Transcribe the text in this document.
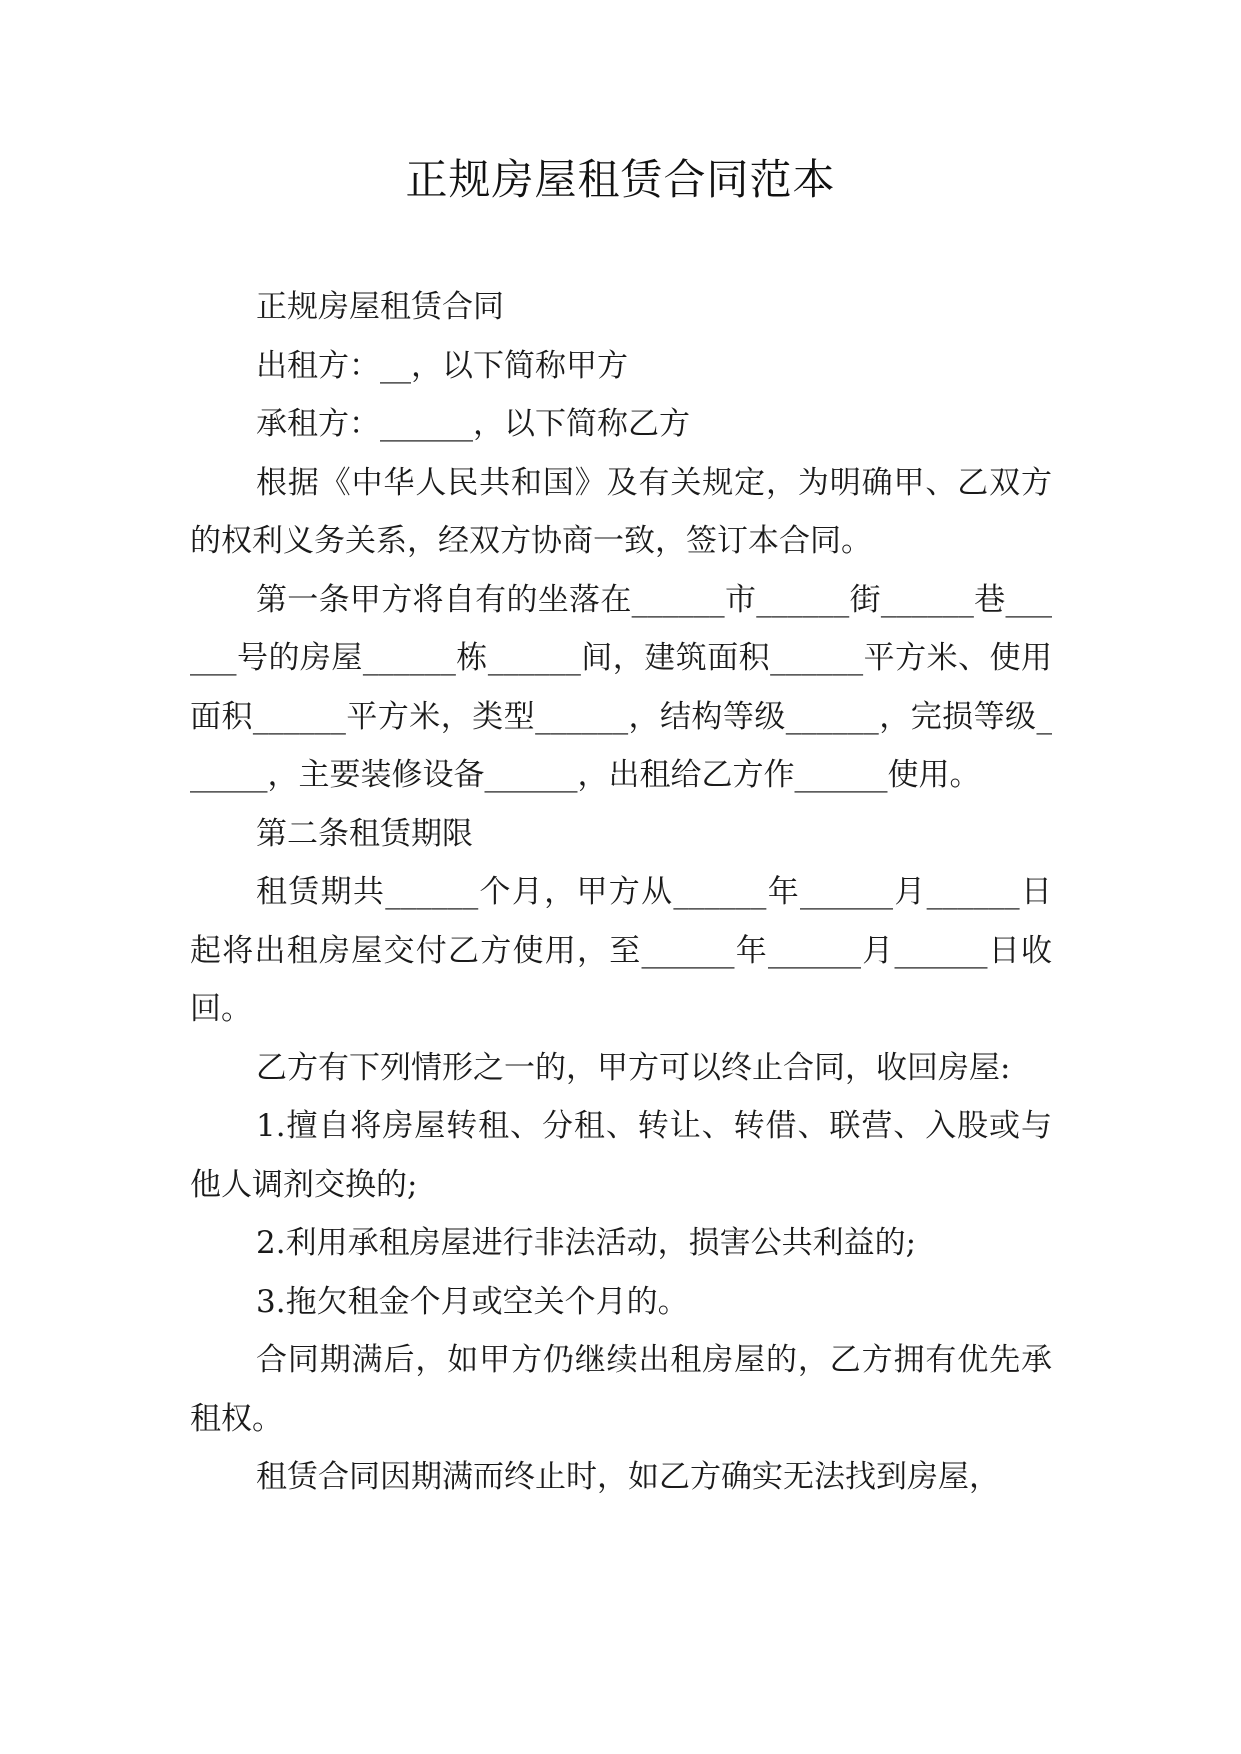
正规房屋租赁合同范本

正规房屋租赁合同

出租方：__，以下简称甲方

承租方：______，以下简称乙方

根据《中华人民共和国》及有关规定，为明确甲、乙双方的权利义务关系，经双方协商一致，签订本合同。

第一条甲方将自有的坐落在______市______街______巷______号的房屋______栋______间，建筑面积______平方米、使用面积______平方米，类型______，结构等级______，完损等级______，主要装修设备______，出租给乙方作______使用。

第二条租赁期限

租赁期共______个月，甲方从______年______月______日起将出租房屋交付乙方使用，至______年______月______日收回。

乙方有下列情形之一的，甲方可以终止合同，收回房屋:

1.擅自将房屋转租、分租、转让、转借、联营、入股或与他人调剂交换的;

2.利用承租房屋进行非法活动，损害公共利益的;

3.拖欠租金个月或空关个月的。

合同期满后，如甲方仍继续出租房屋的，乙方拥有优先承租权。

租赁合同因期满而终止时，如乙方确实无法找到房屋，
